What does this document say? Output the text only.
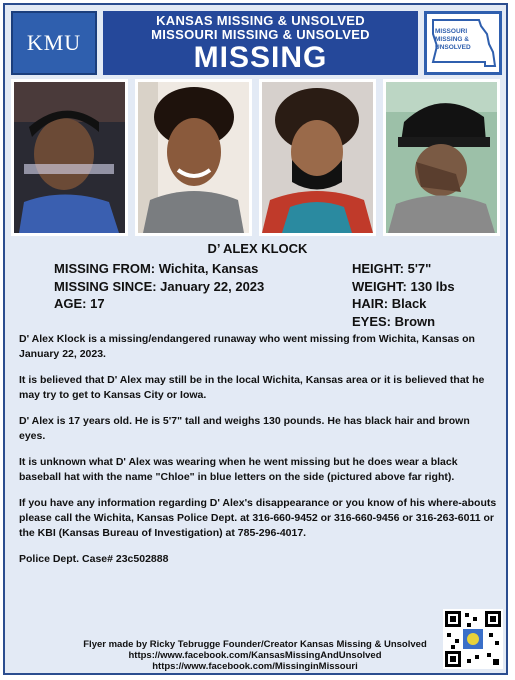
KMU
KANSAS MISSING & UNSOLVED
MISSOURI MISSING & UNSOLVED
MISSING
MISSOURI
MISSING &
UNSOLVED
D’ ALEX KLOCK
MISSING FROM: Wichita, Kansas
MISSING SINCE: January 22, 2023
AGE: 17
HEIGHT: 5'7"
WEIGHT: 130 lbs
HAIR: Black
EYES: Brown

D' Alex Klock is a missing/endangered runaway who went missing from Wichita, Kansas on January 22, 2023.

It is believed that D' Alex may still be in the local Wichita, Kansas area or it is believed that he may try to get to Kansas City or Iowa.

D' Alex is 17 years old. He is 5'7" tall and weighs 130 pounds. He has black hair and brown eyes.

It is unknown what D' Alex was wearing when he went missing but he does wear a black baseball hat with the name "Chloe" in blue letters on the side (pictured above far right).

If you have any information regarding D' Alex's disappearance or you know of his where-abouts please call the Wichita, Kansas Police Dept. at 316-660-9452 or 316-660-9456 or 316-263-6011 or the KBI (Kansas Bureau of Investigation) at 785-296-4017.

Police Dept. Case# 23c502888

Flyer made by Ricky Tebrugge Founder/Creator Kansas Missing & Unsolved
https://www.facebook.com/KansasMissingAndUnsolved
https://www.facebook.com/MissinginMissouri
